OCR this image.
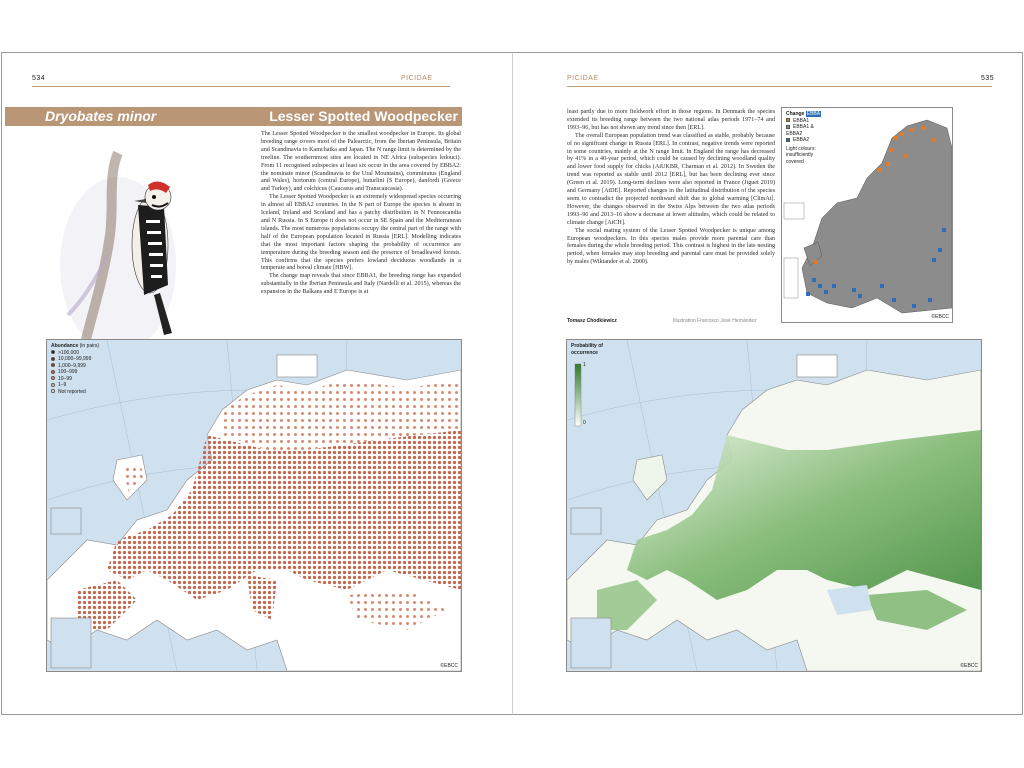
534	PICIDAE
Dryobates minor	Lesser Spotted Woodpecker

The Lesser Spotted Woodpecker is the smallest woodpecker in Europe. Its global breeding range covers most of the Palearctic, from the Iberian Peninsula, Britain and Scandinavia to Kamchatka and Japan. The N range limit is determined by the treeline. The southernmost sites are located in NE Africa (subspecies ledouci). From 11 recognised subspecies at least six occur in the area covered by EBBA2: the nominate minor (Scandinavia to the Ural Mountains), comminutus (England and Wales), hortorum (central Europe), buturlini (S Europe), danfordi (Greece and Turkey), and colchicus (Caucasus and Transcaucasia).

The Lesser Spotted Woodpecker is an extremely widespread species occurring in almost all EBBA2 countries. In the N part of Europe the species is absent in Iceland, Ireland and Scotland and has a patchy distribution in N Fennoscandia and N Russia. In S Europe it does not occur in SE Spain and the Mediterranean islands. The most numerous populations occupy the central part of the range with half of the European population located in Russia [ERL]. Modelling indicates that the most important factors shaping the probability of occurrence are temperature during the breeding season and the presence of broadleaved forests. This confirms that the species prefers lowland deciduous woodlands in a temperate and boreal climate [HBW].

The change map reveals that since EBBA1, the breeding range has expanded substantially in the Iberian Peninsula and Italy (Nardelli et al. 2015), whereas the expansion in the Balkans and E Europe is at

Abundance (in pairs)
>100,000
10,000–99,999
1,000–9,999
100–999
10–99
1–9
Not reported
©EBCC
PICIDAE	535

least partly due to more fieldwork effort in those regions. In Denmark the species extended its breeding range between the two national atlas periods 1971–74 and 1993–96, but has not shown any trend since then [ERL].

The overall European population trend was classified as stable, probably because of no significant change in Russia [ERL]. In contrast, negative trends were reported in some countries, mainly at the N range limit. In England the range has decreased by 41% in a 40-year period, which could be caused by declining woodland quality and lower food supply for chicks (AtUKBR, Charman et al. 2012). In Sweden the trend was reported as stable until 2012 [ERL], but has been declining ever since (Green et al. 2019). Long-term declines were also reported in France (Jiguet 2019) and Germany [AtDE]. Reported changes in the latitudinal distribution of the species seem to contradict the projected northward shift due to global warming [ClimAt]. However, the changes observed in the Swiss Alps between the two atlas periods 1993–96 and 2013–16 show a decrease at lower altitudes, which could be related to climate change [AtCH].

The social mating system of the Lesser Spotted Woodpecker is unique among European woodpeckers. In this species males provide more parental care than females during the whole breeding period. This contrast is highest in the late nesting period, when females may stop breeding and parental care must be provided solely by males (Wiktander et al. 2000).

Tomasz Chodkiewicz	Illustration Francisco José Hernández
Change EBBA
EBBA1
EBBA1 & EBBA2
EBBA2
Light colours: insufficiently covered
©EBCC
Probability of occurrence
1
0
©EBCC
